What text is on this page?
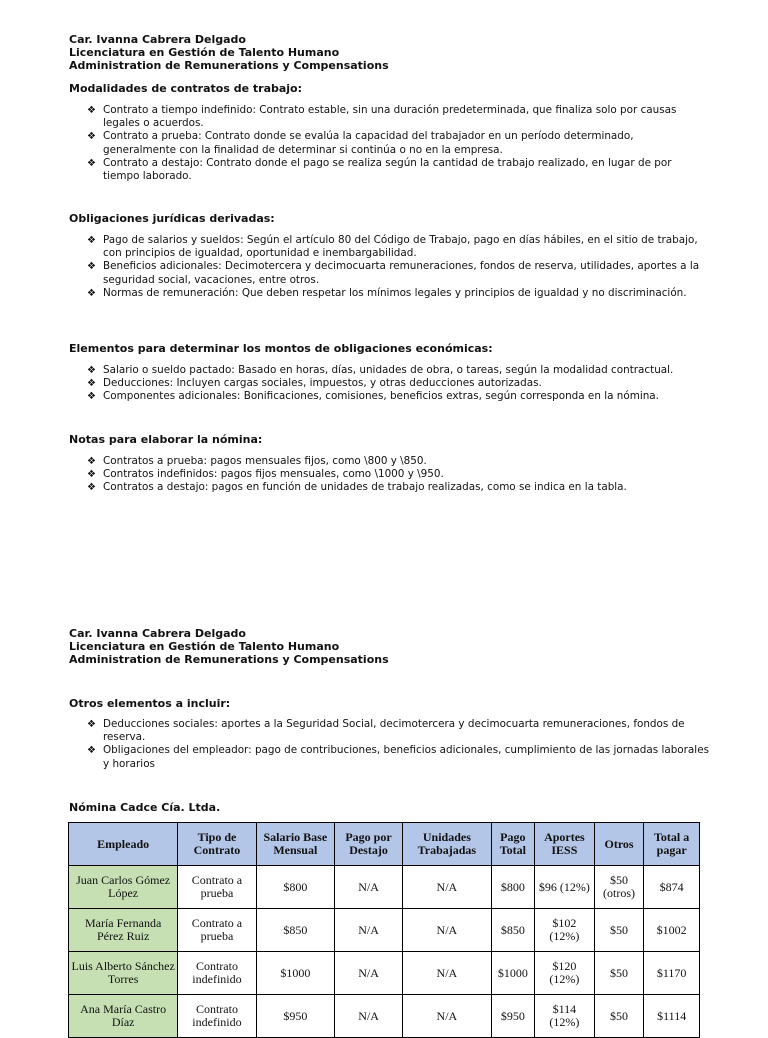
Car. Ivanna Cabrera Delgado

Licenciatura en Gestión de Talento Humano

Administration de Remunerations y Compensations

Modalidades de contratos de trabajo:

❖ Contrato a tiempo indefinido: Contrato estable, sin una duración predeterminada, que finaliza solo por causas legales o acuerdos.
❖ Contrato a prueba: Contrato donde se evalúa la capacidad del trabajador en un período determinado, generalmente con la finalidad de determinar si continúa o no en la empresa.
❖ Contrato a destajo: Contrato donde el pago se realiza según la cantidad de trabajo realizado, en lugar de por tiempo laborado.

Obligaciones jurídicas derivadas:

❖ Pago de salarios y sueldos: Según el artículo 80 del Código de Trabajo, pago en días hábiles, en el sitio de trabajo, con principios de igualdad, oportunidad e inembargabilidad.
❖ Beneficios adicionales: Decimotercera y decimocuarta remuneraciones, fondos de reserva, utilidades, aportes a la seguridad social, vacaciones, entre otros.
❖ Normas de remuneración: Que deben respetar los mínimos legales y principios de igualdad y no discriminación.

Elementos para determinar los montos de obligaciones económicas:

❖ Salario o sueldo pactado: Basado en horas, días, unidades de obra, o tareas, según la modalidad contractual.
❖ Deducciones: Incluyen cargas sociales, impuestos, y otras deducciones autorizadas.
❖ Componentes adicionales: Bonificaciones, comisiones, beneficios extras, según corresponda en la nómina.

Notas para elaborar la nómina:

❖ Contratos a prueba: pagos mensuales fijos, como \800 y \850.
❖ Contratos indefinidos: pagos fijos mensuales, como \1000 y \950.
❖ Contratos a destajo: pagos en función de unidades de trabajo realizadas, como se indica en la tabla.

Car. Ivanna Cabrera Delgado

Licenciatura en Gestión de Talento Humano

Administration de Remunerations y Compensations

Otros elementos a incluir:

❖ Deducciones sociales: aportes a la Seguridad Social, decimotercera y decimocuarta remuneraciones, fondos de reserva.
❖ Obligaciones del empleador: pago de contribuciones, beneficios adicionales, cumplimiento de las jornadas laborales y horarios

Nómina Cadce Cía. Ltda.

Empleado	Tipo de Contrato	Salario Base Mensual	Pago por Destajo	Unidades Trabajadas	Pago Total	Aportes IESS	Otros	Total a pagar
Juan Carlos Gómez López	Contrato a prueba	$800	N/A	N/A	$800	$96 (12%)	$50 (otros)	$874
María Fernanda Pérez Ruiz	Contrato a prueba	$850	N/A	N/A	$850	$102 (12%)	$50	$1002
Luis Alberto Sánchez Torres	Contrato indefinido	$1000	N/A	N/A	$1000	$120 (12%)	$50	$1170
Ana María Castro Díaz	Contrato indefinido	$950	N/A	N/A	$950	$114 (12%)	$50	$1114
